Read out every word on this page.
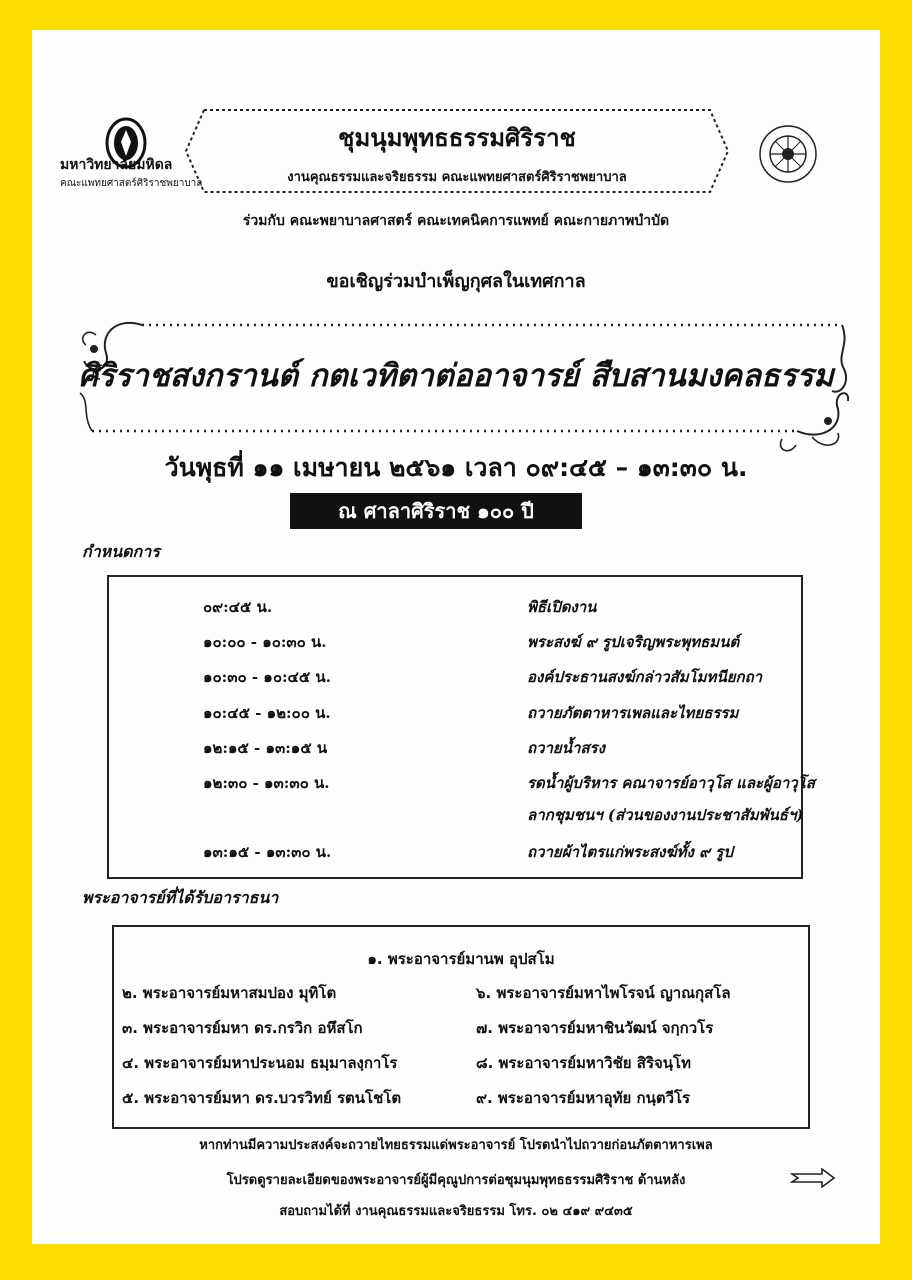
มหาวิทยาลัยมหิดล
คณะแพทยศาสตร์ศิริราชพยาบาล
ชุมนุมพุทธธรรมศิริราช
งานคุณธรรมและจริยธรรม คณะแพทยศาสตร์ศิริราชพยาบาล
ร่วมกับ คณะพยาบาลศาสตร์ คณะเทคนิคการแพทย์ คณะกายภาพบำบัด
ขอเชิญร่วมบำเพ็ญกุศลในเทศกาล
ศิริราชสงกรานต์ กตเวทิตาต่ออาจารย์ สืบสานมงคลธรรม
วันพุธที่ ๑๑ เมษายน ๒๕๖๑ เวลา ๐๙:๔๕ – ๑๓:๓๐ น.
ณ ศาลาศิริราช ๑๐๐ ปี
กำหนดการ
๐๙:๔๕ น.	พิธีเปิดงาน
๑๐:๐๐ - ๑๐:๓๐ น.	พระสงฆ์ ๙ รูปเจริญพระพุทธมนต์
๑๐:๓๐ - ๑๐:๔๕ น.	องค์ประธานสงฆ์กล่าวสัมโมทนียกถา
๑๐:๔๕ - ๑๒:๐๐ น.	ถวายภัตตาหารเพลและไทยธรรม
๑๒:๑๕ - ๑๓:๑๕ น	ถวายน้ำสรง
๑๒:๓๐ - ๑๓:๓๐ น.	รดน้ำผู้บริหาร คณาจารย์อาวุโส และผู้อาวุโส
ลากชุมชนฯ (ส่วนของงานประชาสัมพันธ์ฯ)
๑๓:๑๕ - ๑๓:๓๐ น.	ถวายผ้าไตรแก่พระสงฆ์ทั้ง ๙ รูป
พระอาจารย์ที่ได้รับอาราธนา
๑. พระอาจารย์มานพ อุปสโม
๒. พระอาจารย์มหาสมปอง มุทิโต
๓. พระอาจารย์มหา ดร.กรวิก อหึสโก
๔. พระอาจารย์มหาประนอม ธมฺมาลงฺกาโร
๕. พระอาจารย์มหา ดร.บวรวิทย์ รตนโชโต
๖. พระอาจารย์มหาไพโรจน์ ญาณกุสโล
๗. พระอาจารย์มหาชินวัฒน์ จกฺกวโร
๘. พระอาจารย์มหาวิชัย สิริจนฺโท
๙. พระอาจารย์มหาอุทัย กนฺตวีโร
หากท่านมีความประสงค์จะถวายไทยธรรมแด่พระอาจารย์ โปรดนำไปถวายก่อนภัตตาหารเพล
โปรดดูรายละเอียดของพระอาจารย์ผู้มีคุณูปการต่อชุมนุมพุทธธรรมศิริราช ด้านหลัง
สอบถามได้ที่ งานคุณธรรมและจริยธรรม โทร. ๐๒ ๔๑๙ ๙๔๓๕
